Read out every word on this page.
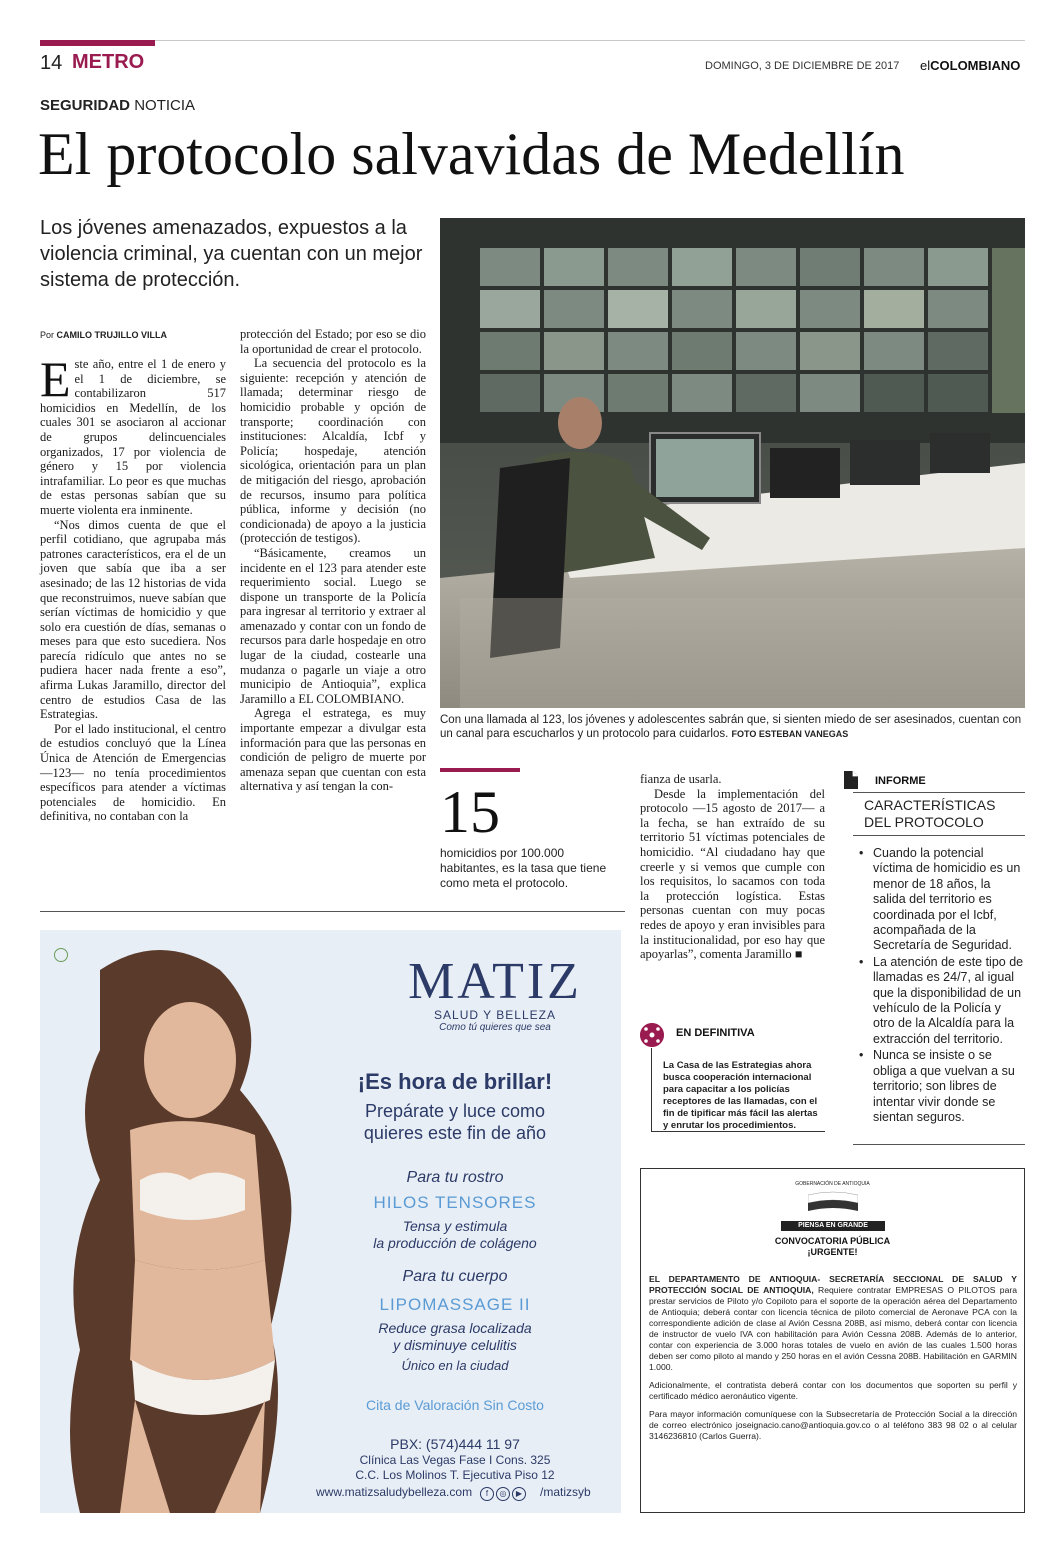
14 METRO	DOMINGO, 3 DE DICIEMBRE DE 2017 elCOLOMBIANO
SEGURIDAD NOTICIA
El protocolo salvavidas de Medellín
Los jóvenes amenazados, expuestos a la violencia criminal, ya cuentan con un mejor sistema de protección.
Por CAMILO TRUJILLO VILLA

Este año, entre el 1 de enero y el 1 de diciembre, se contabilizaron 517 homicidios en Medellín, de los cuales 301 se asociaron al accionar de grupos delincuenciales organizados, 17 por violencia de género y 15 por violencia intrafamiliar. Lo peor es que muchas de estas personas sabían que su muerte violenta era inminente.

“Nos dimos cuenta de que el perfil cotidiano, que agrupaba más patrones característicos, era el de un joven que sabía que iba a ser asesinado; de las 12 historias de vida que reconstruimos, nueve sabían que serían víctimas de homicidio y que solo era cuestión de días, semanas o meses para que esto sucediera. Nos parecía ridículo que antes no se pudiera hacer nada frente a eso”, afirma Lukas Jaramillo, director del centro de estudios Casa de las Estrategias.

Por el lado institucional, el centro de estudios concluyó que la Línea Única de Atención de Emergencias —123— no tenía procedimientos específicos para atender a víctimas potenciales de homicidio. En definitiva, no contaban con la

protección del Estado; por eso se dio la oportunidad de crear el protocolo.

La secuencia del protocolo es la siguiente: recepción y atención de llamada; determinar riesgo de homicidio probable y opción de transporte; coordinación con instituciones: Alcaldía, Icbf y Policía; hospedaje, atención sicológica, orientación para un plan de mitigación del riesgo, aprobación de recursos, insumo para política pública, informe y decisión (no condicionada) de apoyo a la justicia (protección de testigos).

“Básicamente, creamos un incidente en el 123 para atender este requerimiento social. Luego se dispone un transporte de la Policía para ingresar al territorio y extraer al amenazado y contar con un fondo de recursos para darle hospedaje en otro lugar de la ciudad, costearle una mudanza o pagarle un viaje a otro municipio de Antioquia”, explica Jaramillo a EL COLOMBIANO.

Agrega el estratega, es muy importante empezar a divulgar esta información para que las personas en condición de peligro de muerte por amenaza sepan que cuentan con esta alternativa y así tengan la con-

Con una llamada al 123, los jóvenes y adolescentes sabrán que, si sienten miedo de ser asesinados, cuentan con un canal para escucharlos y un protocolo para cuidarlos. FOTO ESTEBAN VANEGAS
15
homicidios por 100.000 habitantes, es la tasa que tiene como meta el protocolo.

fianza de usarla.

Desde la implementación del protocolo —15 agosto de 2017— a la fecha, se han extraído de su territorio 51 víctimas potenciales de homicidio. “Al ciudadano hay que creerle y si vemos que cumple con los requisitos, lo sacamos con toda la protección logística. Estas personas cuentan con muy pocas redes de apoyo y eran invisibles para la institucionalidad, por eso hay que apoyarlas”, comenta Jaramillo ■

INFORME
CARACTERÍSTICAS
DEL PROTOCOLO
• Cuando la potencial víctima de homicidio es un menor de 18 años, la salida del territorio es coordinada por el Icbf, acompañada de la Secretaría de Seguridad.
• La atención de este tipo de llamadas es 24/7, al igual que la disponibilidad de un vehículo de la Policía y otro de la Alcaldía para la extracción del territorio.
• Nunca se insiste o se obliga a que vuelvan a su territorio; son libres de intentar vivir donde se sientan seguros.
EN DEFINITIVA
La Casa de las Estrategias ahora busca cooperación internacional para capacitar a los policías receptores de las llamadas, con el fin de tipificar más fácil las alertas y enrutar los procedimientos.
MATIZ
SALUD Y BELLEZA
Como tú quieres que sea
¡Es hora de brillar!
Prepárate y luce como
quieres este fin de año
Para tu rostro
HILOS TENSORES
Tensa y estimula
la producción de colágeno
Para tu cuerpo
LIPOMASSAGE II
Reduce grasa localizada
y disminuye celulitis
Único en la ciudad
Cita de Valoración Sin Costo
PBX: (574)444 11 97
Clínica Las Vegas Fase I Cons. 325
C.C. Los Molinos T. Ejecutiva Piso 12
www.matizsaludybelleza.com	f ◎ ▶	/matizsyb
GOBERNACIÓN DE ANTIOQUIA
PIENSA EN GRANDE
CONVOCATORIA PÚBLICA
¡URGENTE!

EL DEPARTAMENTO DE ANTIOQUIA- SECRETARÍA SECCIONAL DE SALUD Y PROTECCIÓN SOCIAL DE ANTIOQUIA, Requiere contratar EMPRESAS O PILOTOS para prestar servicios de Piloto y/o Copiloto para el soporte de la operación aérea del Departamento de Antioquia; deberá contar con licencia técnica de piloto comercial de Aeronave PCA con la correspondiente adición de clase al Avión Cessna 208B, así mismo, deberá contar con licencia de instructor de vuelo IVA con habilitación para Avión Cessna 208B. Además de lo anterior, contar con experiencia de 3.000 horas totales de vuelo en avión de las cuales 1.500 horas deben ser como piloto al mando y 250 horas en el avión Cessna 208B. Habilitación en GARMIN 1.000.

Adicionalmente, el contratista deberá contar con los documentos que soporten su perfil y certificado médico aeronáutico vigente.

Para mayor información comuníquese con la Subsecretaría de Protección Social a la dirección de correo electrónico joseignacio.cano@antioquia.gov.co o al teléfono 383 98 02 o al celular 3146236810 (Carlos Guerra).
